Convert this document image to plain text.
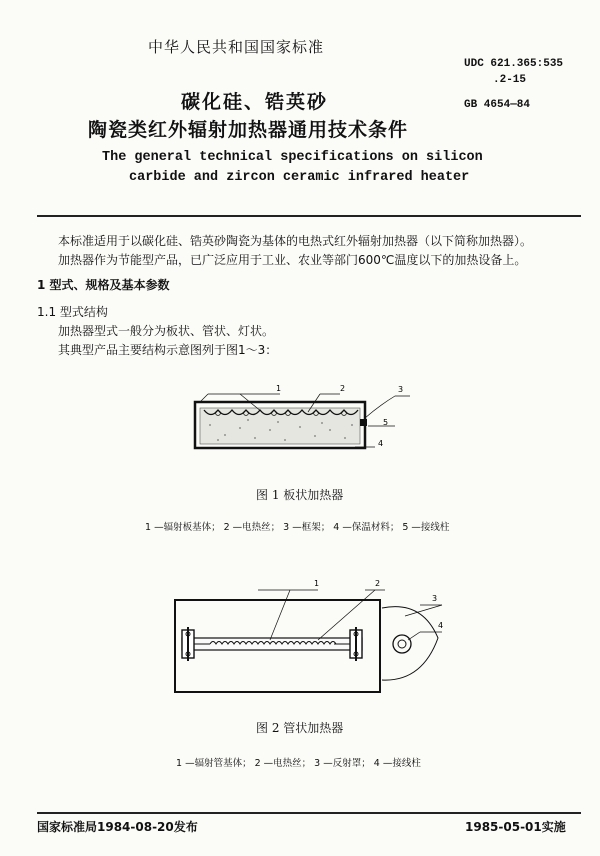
中华人民共和国国家标准
UDC 621.365:535
.2-15
GB 4654—84
碳化硅、锆英砂
陶瓷类红外辐射加热器通用技术条件
The general technical specifications on silicon
carbide and zircon ceramic infrared heater
本标准适用于以碳化硅、锆英砂陶瓷为基体的电热式红外辐射加热器（以下简称加热器）。
加热器作为节能型产品，已广泛应用于工业、农业等部门600℃温度以下的加热设备上。
1 型式、规格及基本参数
1.1 型式结构
加热器型式一般分为板状、管状、灯状。
其典型产品主要结构示意图列于图1～3：
1	2	3
5
4
图 1 板状加热器
1 —辐射板基体； 2 —电热丝； 3 —框架； 4 —保温材料； 5 —接线柱
1	2
3
4
图 2 管状加热器
1 —辐射管基体； 2 —电热丝； 3 —反射罩； 4 —接线柱
国家标准局1984-08-20发布	1985-05-01实施
